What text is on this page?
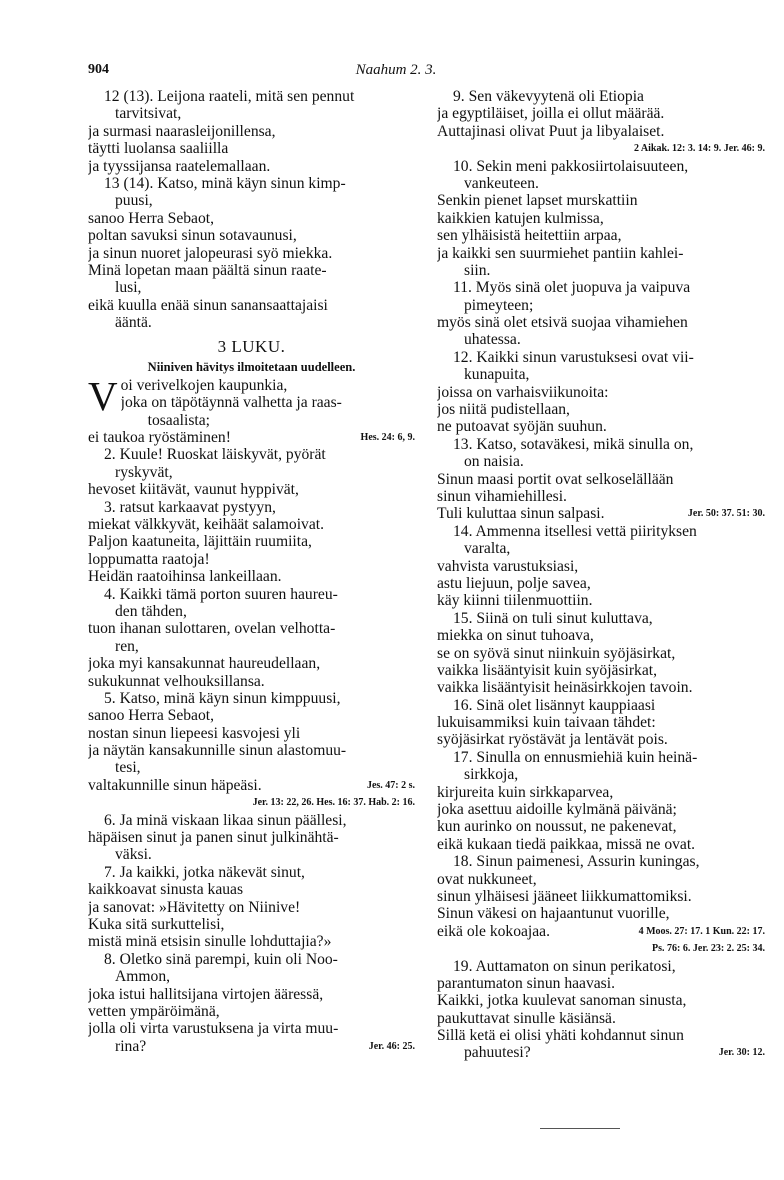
904	Naahum 2. 3.
12 (13). Leijona raateli, mitä sen pennut
tarvitsivat,
ja surmasi naarasleijonillensa,
täytti luolansa saaliilla
ja tyyssijansa raatelemallaan.
13 (14). Katso, minä käyn sinun kimp-
puusi,
sanoo Herra Sebaot,
poltan savuksi sinun sotavaunusi,
ja sinun nuoret jalopeurasi syö miekka.
Minä lopetan maan päältä sinun raate-
lusi,
eikä kuulla enää sinun sanansaattajaisi
ääntä.
3 LUKU.
Niiniven hävitys ilmoitetaan uudelleen.
V oi verivelkojen kaupunkia,
joka on täpötäynnä valhetta ja raas-
tosaalista;
ei taukoa ryöstäminen!	Hes. 24: 6, 9.
2. Kuule! Ruoskat läiskyvät, pyörät
ryskyvät,
hevoset kiitävät, vaunut hyppivät,
3. ratsut karkaavat pystyyn,
miekat välkkyvät, keihäät salamoivat.
Paljon kaatuneita, läjittäin ruumiita,
loppumatta raatoja!
Heidän raatoihinsa lankeillaan.
4. Kaikki tämä porton suuren haureu-
den tähden,
tuon ihanan sulottaren, ovelan velhotta-
ren,
joka myi kansakunnat haureudellaan,
sukukunnat velhouksillansa.
5. Katso, minä käyn sinun kimppuusi,
sanoo Herra Sebaot,
nostan sinun liepeesi kasvojesi yli
ja näytän kansakunnille sinun alastomuu-
tesi,
valtakunnille sinun häpeäsi.	Jes. 47: 2 s.
Jer. 13: 22, 26. Hes. 16: 37. Hab. 2: 16.
6. Ja minä viskaan likaa sinun päällesi,
häpäisen sinut ja panen sinut julkinähtä-
väksi.
7. Ja kaikki, jotka näkevät sinut,
kaikkoavat sinusta kauas
ja sanovat: »Hävitetty on Niinive!
Kuka sitä surkuttelisi,
mistä minä etsisin sinulle lohduttajia?»
8. Oletko sinä parempi, kuin oli Noo-
Ammon,
joka istui hallitsijana virtojen ääressä,
vetten ympäröimänä,
jolla oli virta varustuksena ja virta muu-
rina?	Jer. 46: 25.
9. Sen väkevyytenä oli Etiopia
ja egyptiläiset, joilla ei ollut määrää.
Auttajinasi olivat Puut ja libyalaiset.
2 Aikak. 12: 3. 14: 9. Jer. 46: 9.
10. Sekin meni pakkosiirtolaisuuteen,
vankeuteen.
Senkin pienet lapset murskattiin
kaikkien katujen kulmissa,
sen ylhäisistä heitettiin arpaa,
ja kaikki sen suurmiehet pantiin kahlei-
siin.
11. Myös sinä olet juopuva ja vaipuva
pimeyteen;
myös sinä olet etsivä suojaa vihamiehen
uhatessa.
12. Kaikki sinun varustuksesi ovat vii-
kunapuita,
joissa on varhaisviikunoita:
jos niitä pudistellaan,
ne putoavat syöjän suuhun.
13. Katso, sotaväkesi, mikä sinulla on,
on naisia.
Sinun maasi portit ovat selkoselällään
sinun vihamiehillesi.
Tuli kuluttaa sinun salpasi.	Jer. 50: 37. 51: 30.
14. Ammenna itsellesi vettä piirityksen
varalta,
vahvista varustuksiasi,
astu liejuun, polje savea,
käy kiinni tiilenmuottiin.
15. Siinä on tuli sinut kuluttava,
miekka on sinut tuhoava,
se on syövä sinut niinkuin syöjäsirkat,
vaikka lisääntyisit kuin syöjäsirkat,
vaikka lisääntyisit heinäsirkkojen tavoin.
16. Sinä olet lisännyt kauppiaasi
lukuisammiksi kuin taivaan tähdet:
syöjäsirkat ryöstävät ja lentävät pois.
17. Sinulla on ennusmiehiä kuin heinä-
sirkkoja,
kirjureita kuin sirkkaparvea,
joka asettuu aidoille kylmänä päivänä;
kun aurinko on noussut, ne pakenevat,
eikä kukaan tiedä paikkaa, missä ne ovat.
18. Sinun paimenesi, Assurin kuningas,
ovat nukkuneet,
sinun ylhäisesi jääneet liikkumattomiksi.
Sinun väkesi on hajaantunut vuorille,
eikä ole kokoajaa.	4 Moos. 27: 17. 1 Kun. 22: 17.
Ps. 76: 6. Jer. 23: 2. 25: 34.
19. Auttamaton on sinun perikatosi,
parantumaton sinun haavasi.
Kaikki, jotka kuulevat sanoman sinusta,
paukuttavat sinulle käsiänsä.
Sillä ketä ei olisi yhäti kohdannut sinun
pahuutesi?	Jer. 30: 12.
